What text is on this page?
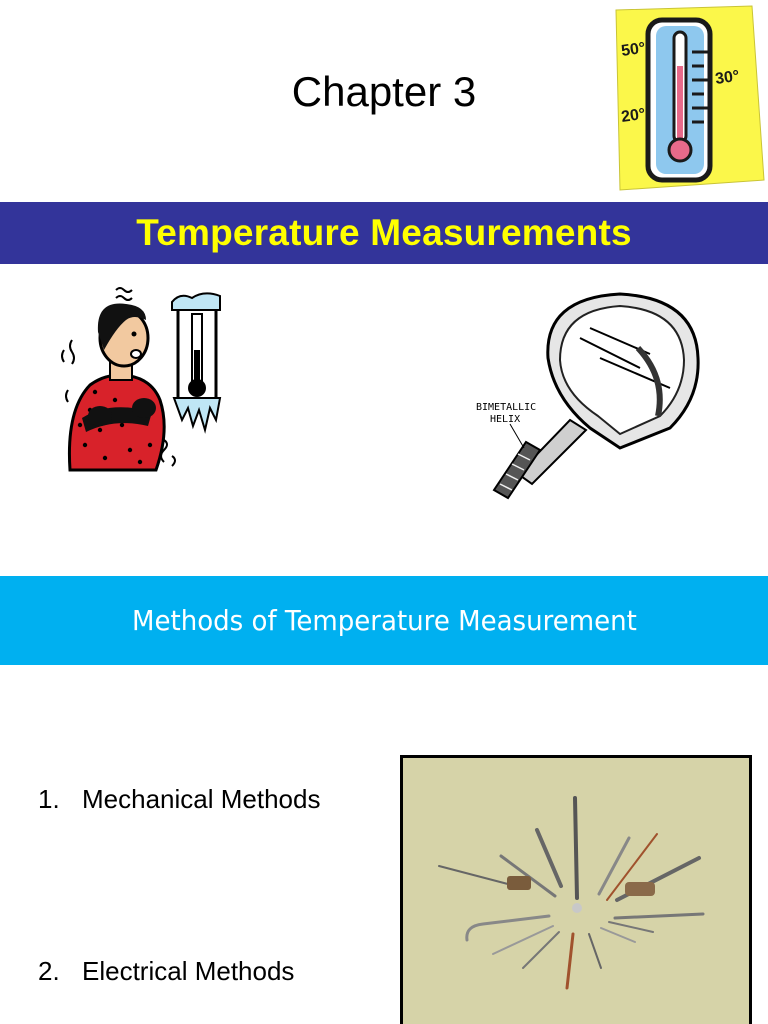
Chapter 3
50°
30°
20°
Temperature Measurements
BIMETALLIC
HELIX
Methods of Temperature Measurement
1. Mechanical Methods
2. Electrical Methods
